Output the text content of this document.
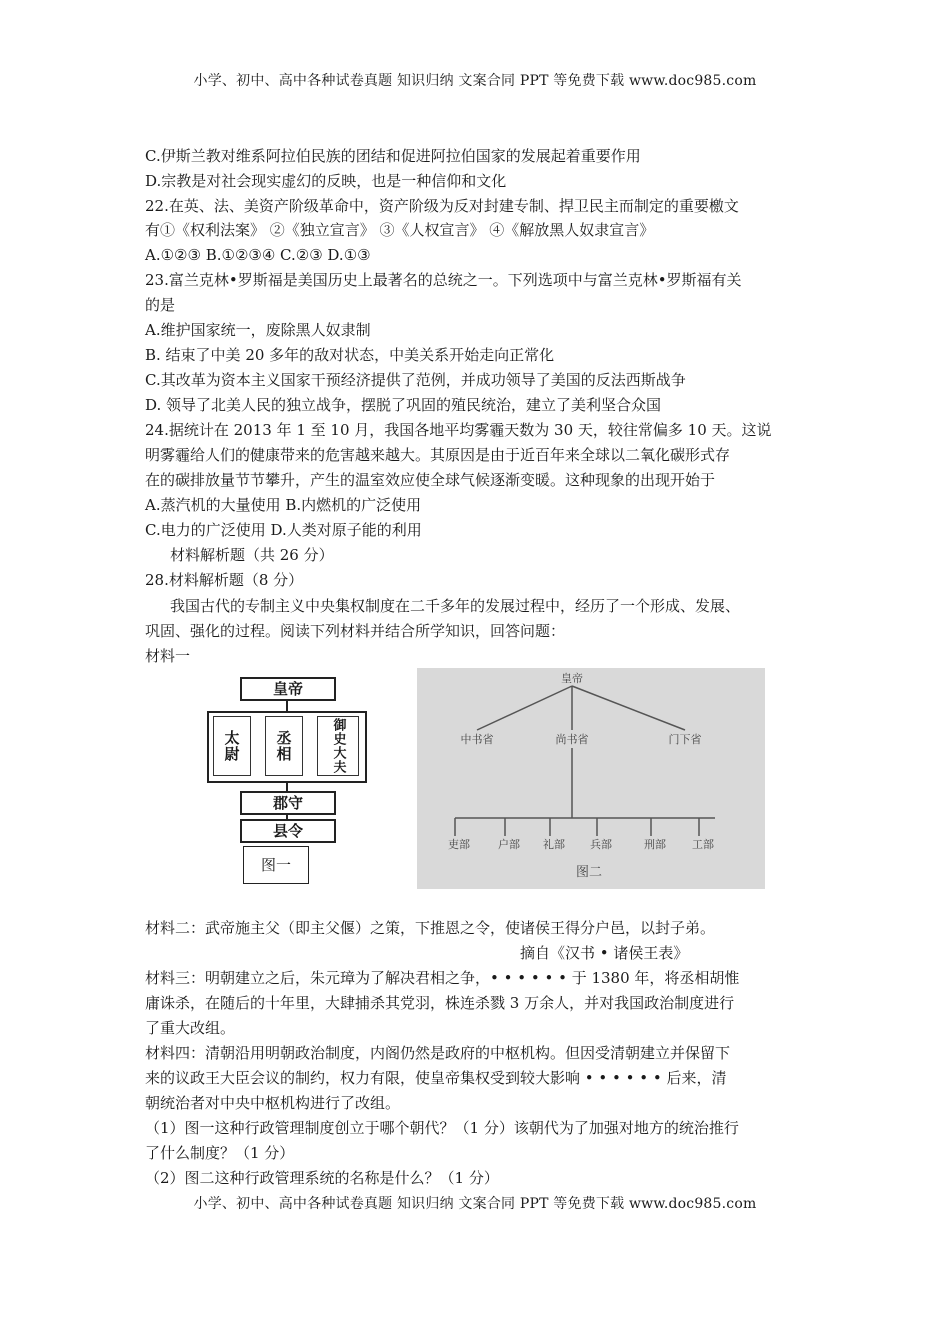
小学、初中、高中各种试卷真题 知识归纳 文案合同 PPT 等免费下载 www.doc985.com
C.伊斯兰教对维系阿拉伯民族的团结和促进阿拉伯国家的发展起着重要作用
D.宗教是对社会现实虚幻的反映，也是一种信仰和文化
22.在英、法、美资产阶级革命中，资产阶级为反对封建专制、捍卫民主而制定的重要檄文
有①《权利法案》 ②《独立宣言》 ③《人权宣言》 ④《解放黑人奴隶宣言》
A.①②③ B.①②③④ C.②③ D.①③
23.富兰克林•罗斯福是美国历史上最著名的总统之一。下列选项中与富兰克林•罗斯福有关
的是
A.维护国家统一，废除黑人奴隶制
B. 结束了中美 20 多年的敌对状态，中美关系开始走向正常化
C.其改革为资本主义国家干预经济提供了范例，并成功领导了美国的反法西斯战争
D. 领导了北美人民的独立战争，摆脱了巩固的殖民统治，建立了美利坚合众国
24.据统计在 2013 年 1 至 10 月，我国各地平均雾霾天数为 30 天，较往常偏多 10 天。这说
明雾霾给人们的健康带来的危害越来越大。其原因是由于近百年来全球以二氧化碳形式存
在的碳排放量节节攀升，产生的温室效应使全球气候逐渐变暖。这种现象的出现开始于
A.蒸汽机的大量使用 B.内燃机的广泛使用
C.电力的广泛使用 D.人类对原子能的利用
材料解析题（共 26 分）
28.材料解析题（8 分）
我国古代的专制主义中央集权制度在二千多年的发展过程中，经历了一个形成、发展、
巩固、强化的过程。阅读下列材料并结合所学知识，回答问题：
材料一
皇帝
太尉 丞相	御史大夫
郡守
县令
图一
皇帝
中书省	尚书省	门下省
吏部	户部 礼部 兵部	刑部 工部
图二
材料二：武帝施主父（即主父偃）之策，下推恩之令，使诸侯王得分户邑，以封子弟。
摘自《汉书 • 诸侯王表》
材料三：明朝建立之后，朱元璋为了解决君相之争，• • • • • • 于 1380 年，将丞相胡惟
庸诛杀，在随后的十年里，大肆捕杀其党羽，株连杀戮 3 万余人，并对我国政治制度进行
了重大改组。
材料四：清朝沿用明朝政治制度，内阁仍然是政府的中枢机构。但因受清朝建立并保留下
来的议政王大臣会议的制约，权力有限，使皇帝集权受到较大影响 • • • • • • 后来，清
朝统治者对中央中枢机构进行了改组。
（1）图一这种行政管理制度创立于哪个朝代？（1 分）该朝代为了加强对地方的统治推行
了什么制度？（1 分）
（2）图二这种行政管理系统的名称是什么？（1 分）
小学、初中、高中各种试卷真题 知识归纳 文案合同 PPT 等免费下载 www.doc985.com
